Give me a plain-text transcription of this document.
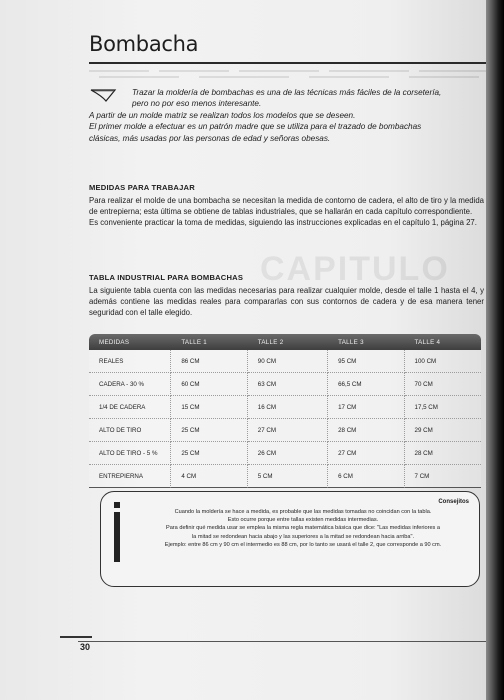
CAPITULO
Bombacha

Trazar la moldería de bombachas es una de las técnicas más fáciles de la corsetería,

pero no por eso menos interesante.

A partir de un molde matriz se realizan todos los modelos que se deseen.

El primer molde a efectuar es un patrón madre que se utiliza para el trazado de bombachas

clásicas, más usadas por las personas de edad y señoras obesas.

MEDIDAS PARA TRABAJAR

Para realizar el molde de una bombacha se necesitan la medida de contorno de cadera, el alto de tiro y la medida de entrepierna; esta última se obtiene de tablas industriales, que se hallarán en cada capítulo correspondiente.

Es conveniente practicar la toma de medidas, siguiendo las instrucciones explicadas en el capítulo 1, página 27.

TABLA INDUSTRIAL PARA BOMBACHAS

La siguiente tabla cuenta con las medidas necesarias para realizar cualquier molde, desde el talle 1 hasta el 4, y además contiene las medidas reales para compararlas con sus contornos de cadera y de esa manera tener seguridad con el talle elegido.

MEDIDAS	TALLE 1	TALLE 2	TALLE 3	TALLE 4
REALES	86 CM	90 CM	95 CM	100 CM
CADERA - 30 %	60 CM	63 CM	66,5 CM	70 CM
1/4 DE CADERA	15 CM	16 CM	17 CM	17,5 CM
ALTO DE TIRO	25 CM	27 CM	28 CM	29 CM
ALTO DE TIRO - 5 %	25 CM	26 CM	27 CM	28 CM
ENTREPIERNA	4 CM	5 CM	6 CM	7 CM
Consejitos
Cuando la moldería se hace a medida, es probable que las medidas tomadas no coincidan con la tabla.
Esto ocurre porque entre tallas existen medidas intermedias.
Para definir qué medida usar se emplea la misma regla matemática básica que dice: "Las medidas inferiores a
la mitad se redondean hacia abajo y las superiores a la mitad se redondean hacia arriba".
Ejemplo: entre 86 cm y 90 cm el intermedio es 88 cm, por lo tanto se usará el talle 2, que corresponde a 90 cm.
30
